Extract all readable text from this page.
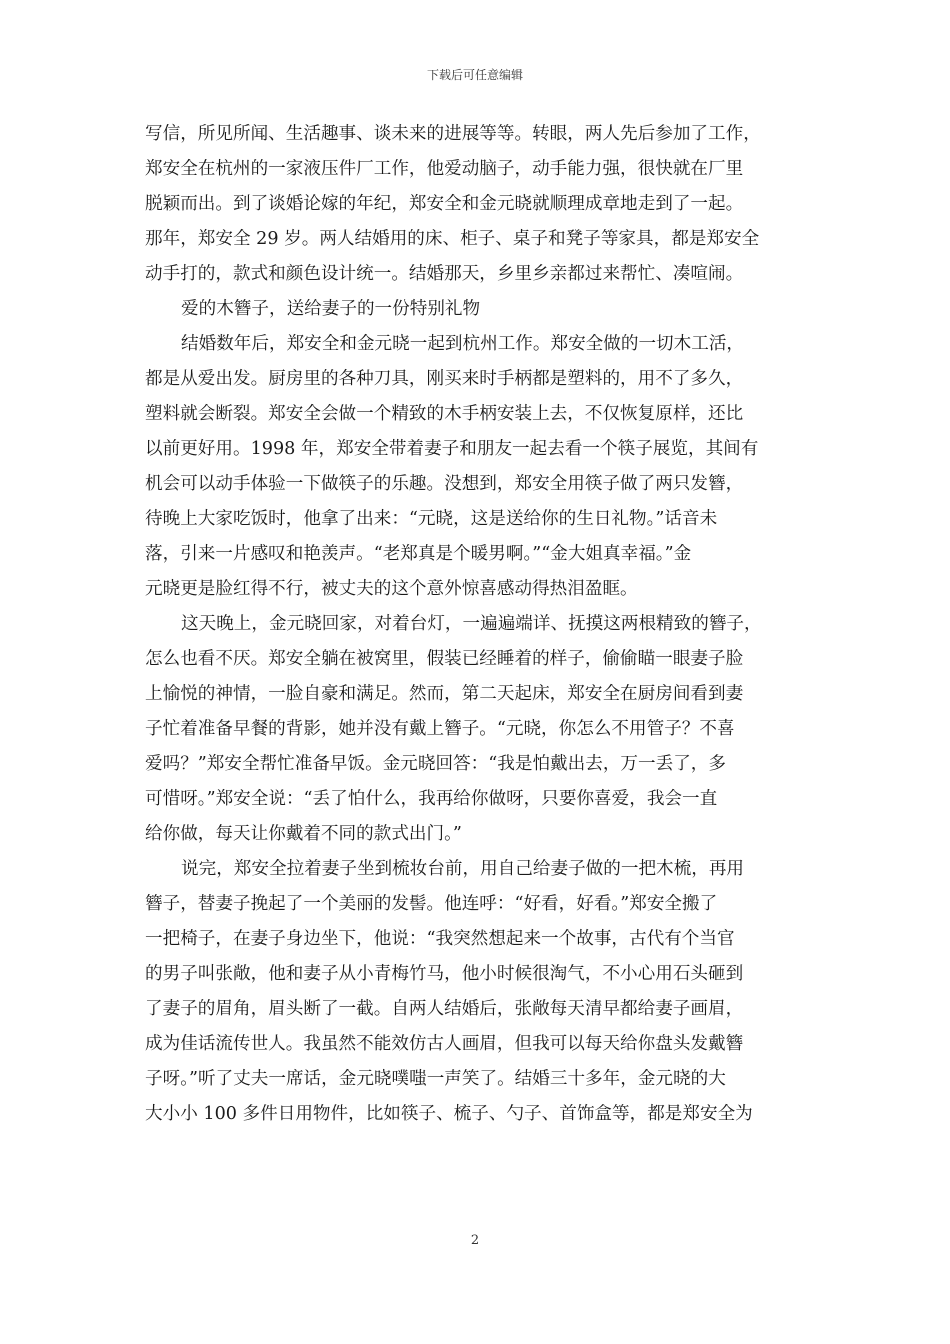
下载后可任意编辑
写信，所见所闻、生活趣事、谈未来的进展等等。转眼，两人先后参加了工作，
郑安全在杭州的一家液压件厂工作，他爱动脑子，动手能力强，很快就在厂里
脱颖而出。到了谈婚论嫁的年纪，郑安全和金元晓就顺理成章地走到了一起。
那年，郑安全 29 岁。两人结婚用的床、柜子、桌子和凳子等家具，都是郑安全
动手打的，款式和颜色设计统一。结婚那天，乡里乡亲都过来帮忙、凑喧闹。
爱的木簪子，送给妻子的一份特别礼物
结婚数年后，郑安全和金元晓一起到杭州工作。郑安全做的一切木工活，
都是从爱出发。厨房里的各种刀具，刚买来时手柄都是塑料的，用不了多久，
塑料就会断裂。郑安全会做一个精致的木手柄安装上去，不仅恢复原样，还比
以前更好用。1998 年，郑安全带着妻子和朋友一起去看一个筷子展览，其间有
机会可以动手体验一下做筷子的乐趣。没想到，郑安全用筷子做了两只发簪，
待晚上大家吃饭时，他拿了出来：“元晓，这是送给你的生日礼物。”话音未
落，引来一片感叹和艳羡声。“老郑真是个暖男啊。”“金大姐真幸福。”金
元晓更是脸红得不行，被丈夫的这个意外惊喜感动得热泪盈眶。
这天晚上，金元晓回家，对着台灯，一遍遍端详、抚摸这两根精致的簪子，
怎么也看不厌。郑安全躺在被窝里，假装已经睡着的样子，偷偷瞄一眼妻子脸
上愉悦的神情，一脸自豪和满足。然而，第二天起床，郑安全在厨房间看到妻
子忙着准备早餐的背影，她并没有戴上簪子。“元晓，你怎么不用管子？不喜
爱吗？”郑安全帮忙准备早饭。金元晓回答：“我是怕戴出去，万一丢了，多
可惜呀。”郑安全说：“丢了怕什么，我再给你做呀，只要你喜爱，我会一直
给你做，每天让你戴着不同的款式出门。”
说完，郑安全拉着妻子坐到梳妆台前，用自己给妻子做的一把木梳，再用
簪子，替妻子挽起了一个美丽的发髻。他连呼：“好看，好看。”郑安全搬了
一把椅子，在妻子身边坐下，他说：“我突然想起来一个故事，古代有个当官
的男子叫张敞，他和妻子从小青梅竹马，他小时候很淘气，不小心用石头砸到
了妻子的眉角，眉头断了一截。自两人结婚后，张敞每天清早都给妻子画眉，
成为佳话流传世人。我虽然不能效仿古人画眉，但我可以每天给你盘头发戴簪
子呀。”听了丈夫一席话，金元晓噗嗤一声笑了。结婚三十多年，金元晓的大
大小小 100 多件日用物件，比如筷子、梳子、勺子、首饰盒等，都是郑安全为
2
